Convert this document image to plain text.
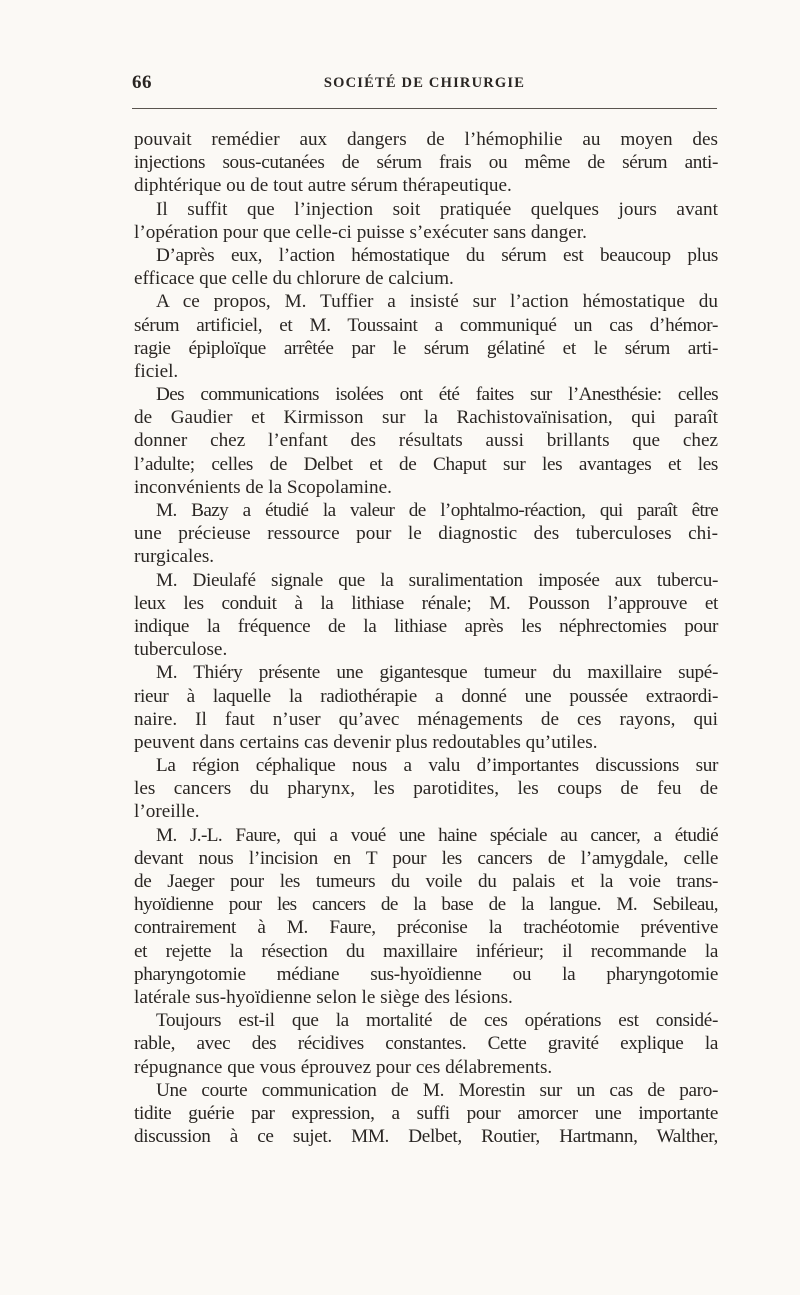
66	SOCIÉTÉ DE CHIRURGIE
pouvait remédier aux dangers de l’hémophilie au moyen des
injections sous-cutanées de sérum frais ou même de sérum anti-
diphtérique ou de tout autre sérum thérapeutique.
Il suffit que l’injection soit pratiquée quelques jours avant
l’opération pour que celle-ci puisse s’exécuter sans danger.
D’après eux, l’action hémostatique du sérum est beaucoup plus
efficace que celle du chlorure de calcium.
A ce propos, M. Tuffier a insisté sur l’action hémostatique du
sérum artificiel, et M. Toussaint a communiqué un cas d’hémor-
ragie épiploïque arrêtée par le sérum gélatiné et le sérum arti-
ficiel.
Des communications isolées ont été faites sur l’Anesthésie: celles
de Gaudier et Kirmisson sur la Rachistovaïnisation, qui paraît
donner chez l’enfant des résultats aussi brillants que chez
l’adulte; celles de Delbet et de Chaput sur les avantages et les
inconvénients de la Scopolamine.
M. Bazy a étudié la valeur de l’ophtalmo-réaction, qui paraît être
une précieuse ressource pour le diagnostic des tuberculoses chi-
rurgicales.
M. Dieulafé signale que la suralimentation imposée aux tubercu-
leux les conduit à la lithiase rénale; M. Pousson l’approuve et
indique la fréquence de la lithiase après les néphrectomies pour
tuberculose.
M. Thiéry présente une gigantesque tumeur du maxillaire supé-
rieur à laquelle la radiothérapie a donné une poussée extraordi-
naire. Il faut n’user qu’avec ménagements de ces rayons, qui
peuvent dans certains cas devenir plus redoutables qu’utiles.
La région céphalique nous a valu d’importantes discussions sur
les cancers du pharynx, les parotidites, les coups de feu de
l’oreille.
M. J.-L. Faure, qui a voué une haine spéciale au cancer, a étudié
devant nous l’incision en T pour les cancers de l’amygdale, celle
de Jaeger pour les tumeurs du voile du palais et la voie trans-
hyoïdienne pour les cancers de la base de la langue. M. Sebileau,
contrairement à M. Faure, préconise la trachéotomie préventive
et rejette la résection du maxillaire inférieur; il recommande la
pharyngotomie médiane sus-hyoïdienne ou la pharyngotomie
latérale sus-hyoïdienne selon le siège des lésions.
Toujours est-il que la mortalité de ces opérations est considé-
rable, avec des récidives constantes. Cette gravité explique la
répugnance que vous éprouvez pour ces délabrements.
Une courte communication de M. Morestin sur un cas de paro-
tidite guérie par expression, a suffi pour amorcer une importante
discussion à ce sujet. MM. Delbet, Routier, Hartmann, Walther,
